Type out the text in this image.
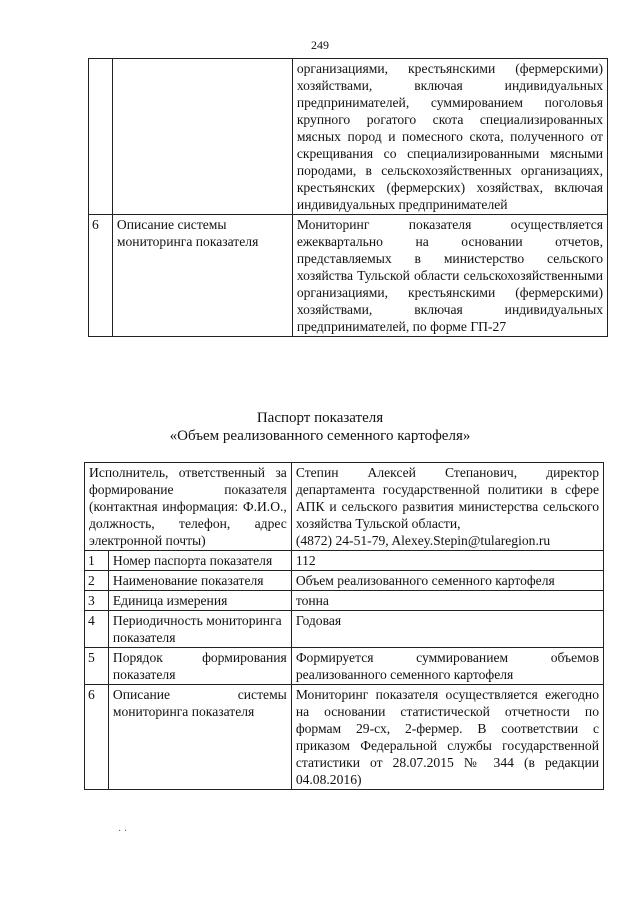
249
		организациями, крестьянскими (фермерскими) хозяйствами, включая индивидуальных предпринимателей, суммированием поголовья крупного рогатого скота специализированных мясных пород и помесного скота, полученного от скрещивания со специализированными мясными породами, в сельскохозяйственных организациях, крестьянских (фермерских) хозяйствах, включая индивидуальных предпринимателей
6	Описание системы мониторинга показателя	Мониторинг показателя осуществляется ежеквартально на основании отчетов, представляемых в министерство сельского хозяйства Тульской области сельскохозяйственными организациями, крестьянскими (фермерскими) хозяйствами, включая индивидуальных предпринимателей, по форме ГП-27
Паспорт показателя
«Объем реализованного семенного картофеля»
Исполнитель, ответственный за формирование показателя (контактная информация: Ф.И.О., должность, телефон, адрес электронной почты)		Степин Алексей Степанович, директор департамента государственной политики в сфере АПК и сельского развития министерства сельского хозяйства Тульской области,
(4872) 24-51-79, Alexey.Stepin@tularegion.ru

1	Номер паспорта показателя	112
2	Наименование показателя	Объем реализованного семенного картофеля
3	Единица измерения	тонна
4	Периодичность мониторинга показателя	Годовая
5	Порядок формирования показателя	Формируется суммированием объемов реализованного семенного картофеля
6	Описание системы мониторинга показателя	Мониторинг показателя осуществляется ежегодно на основании статистической отчетности по формам 29-сх, 2-фермер. В соответствии с приказом Федеральной службы государственной статистики от 28.07.2015 № 344 (в редакции 04.08.2016)
· ·
